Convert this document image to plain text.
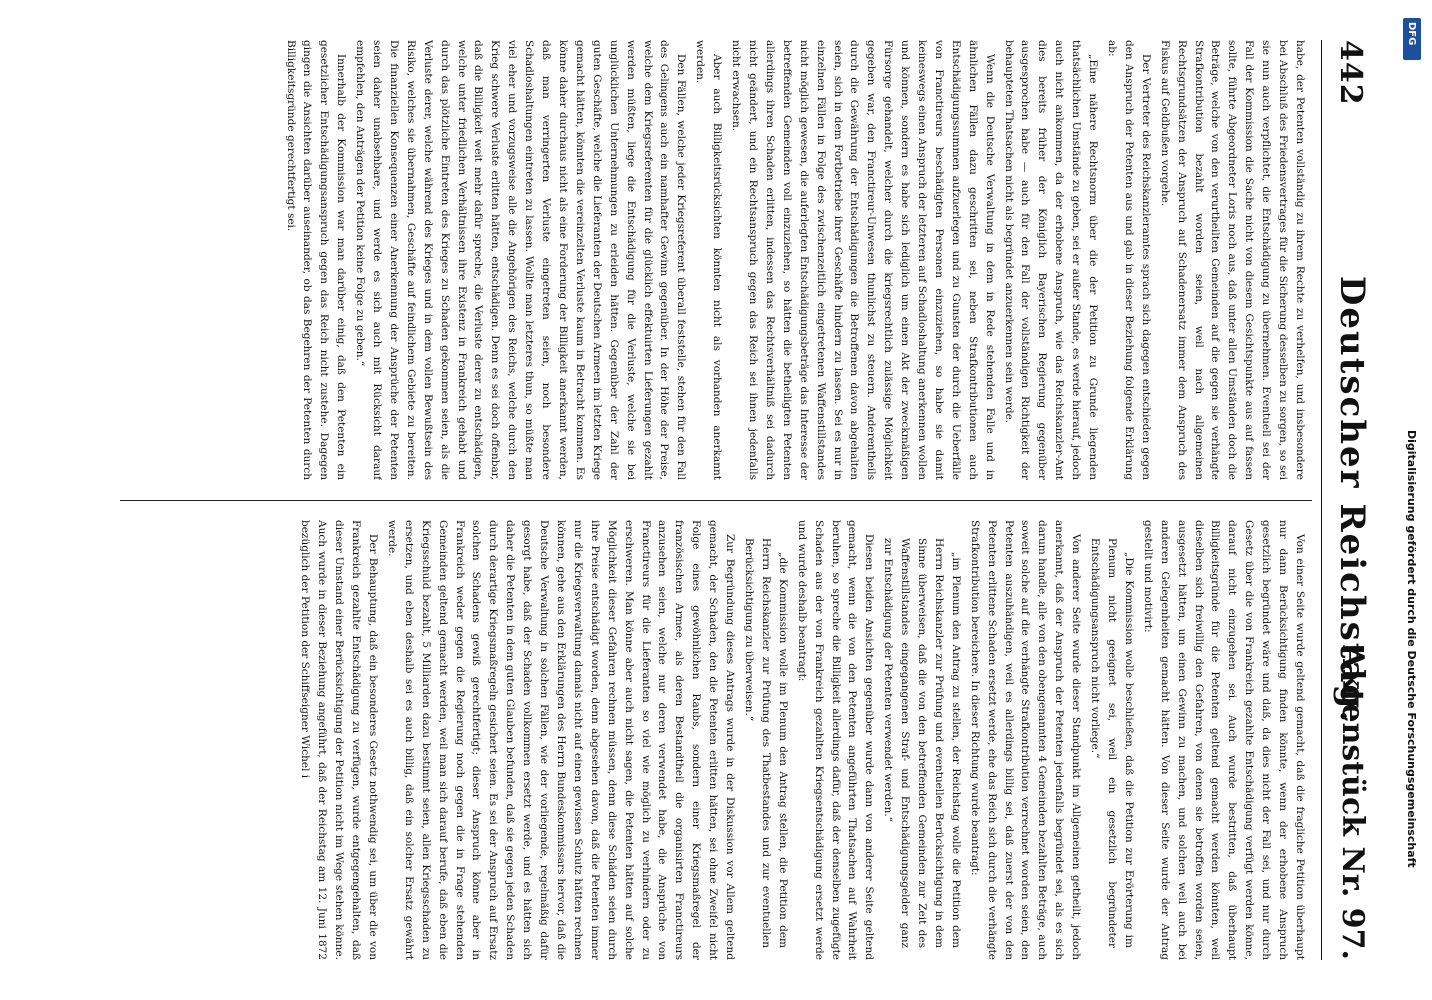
442
Deutscher Reichstag.
Aktenstück Nr. 97.

habe, der Petenten vollständig zu ihrem Rechte zu verhelfen, und insbesondere bei Abschluß des Friedensvertrages für die Sicherung desselben zu sorgen, so sei sie nun auch verpflichtet, die Entschädigung zu übernehmen. Eventuell sei der Fall der Kommission die Sache nicht von diesem Gesichtspunkte aus auf fassen sollte, führte Abgeordneter Loris noch aus, daß unter allen Umständen doch die Beträge, welche von den verurtheilten Gemeinden auf die gegen sie verhängte Strafkontribution bezahlt worden seien, weil nach allgemeinen Rechtsgrundsätzen der Anspruch auf Schadenersatz immer dem Anspruch des Fiskus auf Geldbußen vorgehe.

Der Vertreter des Reichskanzleramtes sprach sich dagegen entschieden gegen den Anspruch der Petenten aus und gab in dieser Beziehung folgende Erklärung ab:

„Eine nähere Rechtsnorm über die der Petition zu Grunde liegenden thatsächlichen Umstände zu geben, sei er außer Stande, es werde hierauf, jedoch auch nicht ankommen, da der erhobene Anspruch, wie das Reichskanzler-Amt dies bereits früher der Königlich Bayerischen Regierung gegenüber ausgesprochen habe — auch für den Fall der vollständigen Richtigkeit der behaupteten Thatsachen nicht als begründet anzuerkennen sein werde.

Wenn die Deutsche Verwaltung in dem in Rede stehenden Falle und in ähnlichen Fällen dazu geschritten sei, neben Strafkontributionen auch Entschädigungssummen aufzuerlegen und zu Gunsten der durch die Ueberfälle von Franctireurs beschädigten Personen einzuziehen, so habe sie damit keineswegs einen Anspruch der letzteren auf Schadloshaltung anerkennen wollen und können, sondern es habe sich lediglich um einen Akt der zweckmäßigen Fürsorge gehandelt, welcher durch die kriegsrechtlich zulässige Möglichkeit gegeben war, den Franctireur-Unwesen thunlichst zu steuern. Anderentheils durch die Gewährung der Entschädigungen die Betroffenen davon abgehalten seien, sich in dem Fortbetriebe ihrer Geschäfte hindern zu lassen. Sei es nur in einzelnen Fällen in Folge des zwischenzeitlich eingetretenen Waffenstillstandes nicht möglich gewesen, die auferlegten Entschädigungsbeträge das Interesse der betreffenden Gemeinden voll einzuziehen, so hätten die betheiligten Petenten allerdings ihren Schaden erlitten, indessen das Rechtsverhältniß sei dadurch nicht geändert, und ein Rechtsanspruch gegen das Reich sei ihnen jedenfalls nicht erwachsen.

Aber auch Billigkeitsrücksichten könnten nicht als vorhanden anerkannt werden.

Den Fällen, welche jeder Kriegsreferent überall feststelle, stehen für den Fall des Gelingens auch ein namhafter Gewinn gegenüber. In der Höhe der Preise, welche dem Kriegsreferenten für die glücklich effektuirten Lieferungen gezahlt werden müßten, liege die Entschädigung für die Verluste, welche sie bei unglücklichen Unternehmungen zu erleiden hätten. Gegenüber der Zahl der guten Geschäfte, welche die Lieferanten der Deutschen Armeen im letzten Kriege gemacht hätten, könnten die vereinzelten Verluste kaum in Betracht kommen. Es könne daher durchaus nicht als eine Forderung der Billigkeit anerkannt werden, daß man verringerten Verluste eingetreten seien, noch besondere Schadloshaltungen eintreten zu lassen. Wollte man letzteres thun, so müßte man viel eher und vorzugsweise alle die Angehörigen des Reichs, welche durch den Krieg schwere Verluste erlitten hätten, entschädigen. Denn es sei doch offenbar, daß die Billigkeit weit mehr dafür spreche, die Verluste derer zu entschädigen, welche unter friedlichen Verhältnissen ihre Existenz in Frankreich gehabt und durch das plötzliche Eintreten des Krieges zu Schaden gekommen seien, als die Verluste derer, welche während des Krieges und in dem vollen Bewußtsein des Risiko, welches sie übernahmen, Geschäfte auf feindlichem Gebiete zu bereiten. Die finanziellen Konsequenzen einer Anerkennung der Ansprüche der Petenten seien daher unabsehbare, und werde es sich auch mit Rücksicht darauf empfehlen, den Anträgen der Petition keine Folge zu geben.“

Innerhalb der Kommission war man darüber einig, daß den Petenten ein gesetzlicher Entschädigungsanspruch gegen das Reich nicht zustehe. Dagegen gingen die Ansichten darüber auseinander, ob das Begehren der Petenten durch Billigkeitsgründe gerechtfertigt sei.

Von einer Seite wurde geltend gemacht, daß die fragliche Petition überhaupt nur dann Berücksichtigung finden könnte, wenn der erhobene Anspruch gesetzlich begründet wäre und daß, da dies nicht der Fall sei, und nur durch Gesetz über die von Frankreich gezahlte Entschädigung verfügt werden könne, darauf nicht einzugehen sei. Auch wurde bestritten, daß überhaupt Billigkeitsgründe für die Petenten geltend gemacht werden könnten, weil dieselben sich freiwillig den Gefahren, von denen sie betroffen worden seien, ausgesetzt hätten, um einen Gewinn zu machen, und solchen weil auch bei anderen Gelegenheiten gemacht hätten. Von dieser Seite wurde der Antrag gestellt und motivirt:

„Die Kommission wolle beschließen, daß die Petition zur Erörterung im Plenum nicht geeignet sei, weil ein gesetzlich begründeter Entschädigungsanspruch nicht vorliege.“

Von anderer Seite wurde dieser Standpunkt im Allgemeinen getheilt, jedoch anerkannt, daß der Anspruch der Petenten jedenfalls begründet sei, als es sich darum handle, alle von den obengenannten 4 Gemeinden bezahlten Beträge, auch soweit solche auf die verhängte Strafkontribution verrechnet worden seien, den Petenten auszuhändigen, weil es allerdings billig sei, daß zuerst der von den Petenten erlittene Schaden ersetzt werde, ehe das Reich sich durch die verhängte Strafkontribution bereichere. In dieser Richtung wurde beantragt:

„im Plenum den Antrag zu stellen, der Reichstag wolle die Petition dem Herrn Reichskanzler zur Prüfung und eventuellen Berücksichtigung in dem Sinne überweisen, daß die von den betreffenden Gemeinden zur Zeit des Waffenstillstandes eingegangenen Straf- und Entschädigungsgelder ganz zur Entschädigung der Petenten verwendet werden.“

Diesen beiden Ansichten gegenüber wurde dann von anderer Seite geltend gemacht, wenn die von den Petenten angeführten Thatsachen auf Wahrheit beruhen, so spreche die Billigkeit allerdings dafür, daß der denselben zugefügte Schaden aus der von Frankreich gezahlten Kriegsentschädigung ersetzt werde und wurde deshalb beantragt:

„die Kommission wolle im Plenum den Antrag stellen, die Petition dem Herrn Reichskanzler zur Prüfung des Thatbestandes und zur eventuellen Berücksichtigung zu überweisen.“

Zur Begründung dieses Antrags wurde in der Diskussion vor Allem geltend gemacht, der Schaden, den die Petenten erlitten hätten, sei ohne Zweifel nicht Folge eines gewöhnlichen Raubs, sondern einer Kriegsmaßregel der französischen Armee, als deren Bestandtheil die organisirten Franctireurs anzusehen seien, welche nur deren verwendet habe, die Ansprüche von Franctireurs für die Lieferanten so viel wie möglich zu verhindern oder zu erschweren. Man könne aber auch nicht sagen, die Petenten hätten auf solche Möglichkeit dieser Gefahren rechnen müssen, denn diese Schäden seien durch ihre Preise entschädigt worden, denn abgesehen davon, daß die Petenten immer nur die Kriegsverwaltung damals nicht auf einen gewissen Schutz hätten rechnen können, gehe aus den Erklärungen des Herrn Bundeskommissars hervor, daß die Deutsche Verwaltung in solchen Fällen, wie der vorliegende, regelmäßig dafür gesorgt habe, daß der Schaden vollkommen ersetzt werde, und es hätten sich daher die Petenten in dem guten Glauben befunden, daß sie gegen jeden Schaden durch derartige Kriegsmaßregeln gesichert seien. Es sei der Anspruch auf Ersatz solchen Schadens gewiß gerechtfertigt; dieser Anspruch könne aber in Frankreich weder gegen die Regierung noch gegen die in Frage stehenden Gemeinden geltend gemacht werden, weil man sich darauf berufe, daß eben die Kriegsschuld bezahlt, 5 Milliarden dazu bestimmt seien, allen Kriegsschaden zu ersetzen, und eben deshalb sei es auch billig, daß ein solcher Ersatz gewährt werde.

Der Behauptung, daß ein besonderes Gesetz nothwendig sei, um über die von Frankreich gezahlte Entschädigung zu verfügen, wurde entgegengehalten, daß dieser Umstand einer Berücksichtigung der Petition nicht im Wege stehen könne. Auch wurde in dieser Beziehung angeführt, daß der Reichstag am 12. Juni 1872 bezüglich der Petition der Schiffseigner Wichel i

DFG
Digitalisierung gefördert durch die Deutsche Forschungsgemeinschaft
